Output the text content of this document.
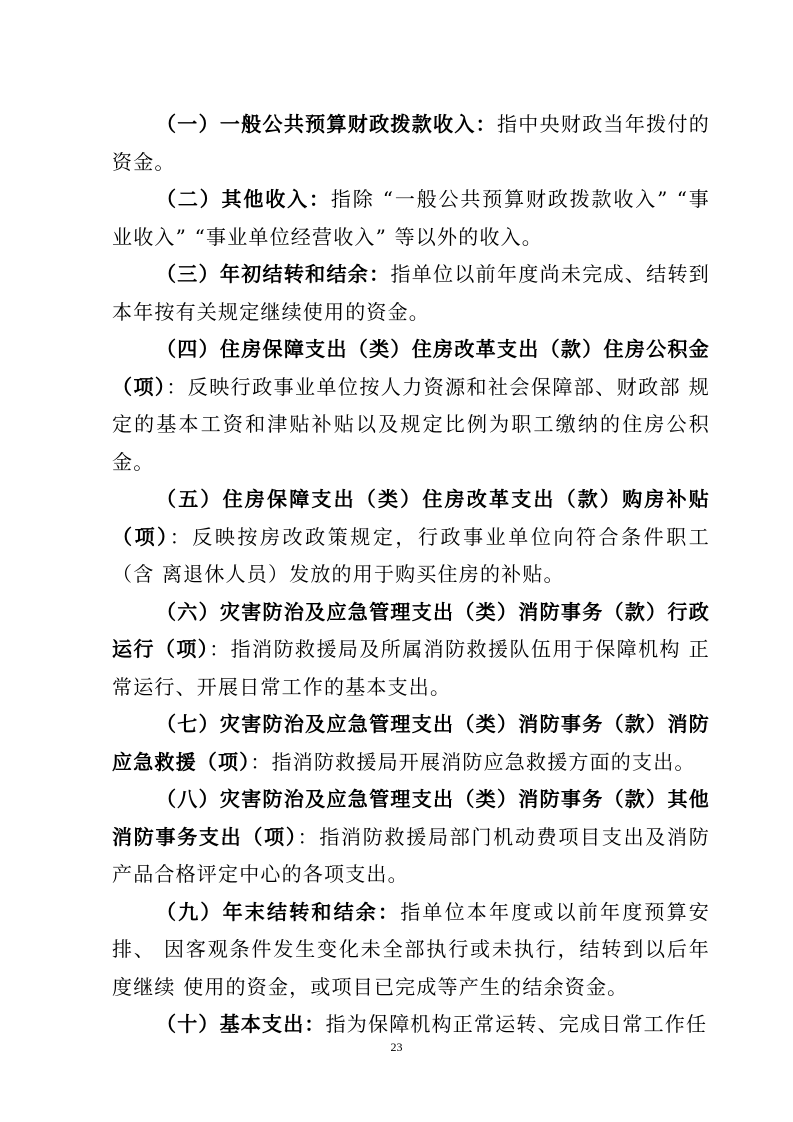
（一）一般公共预算财政拨款收入：指中央财政当年拨付的资金。

（二）其他收入：指除 “一般公共预算财政拨款收入” “事业收入” “事业单位经营收入” 等以外的收入。

（三）年初结转和结余：指单位以前年度尚未完成、结转到本年按有关规定继续使用的资金。

（四）住房保障支出（类）住房改革支出（款）住房公积金（项）：反映行政事业单位按人力资源和社会保障部、财政部 规定的基本工资和津贴补贴以及规定比例为职工缴纳的住房公积金。

（五）住房保障支出（类）住房改革支出（款）购房补贴（项）：反映按房改政策规定，行政事业单位向符合条件职工（含 离退休人员）发放的用于购买住房的补贴。

（六）灾害防治及应急管理支出（类）消防事务（款）行政运行（项）：指消防救援局及所属消防救援队伍用于保障机构 正常运行、开展日常工作的基本支出。

（七）灾害防治及应急管理支出（类）消防事务（款）消防应急救援（项）：指消防救援局开展消防应急救援方面的支出。

（八）灾害防治及应急管理支出（类）消防事务（款）其他消防事务支出（项）：指消防救援局部门机动费项目支出及消防产品合格评定中心的各项支出。

（九）年末结转和结余：指单位本年度或以前年度预算安排、 因客观条件发生变化未全部执行或未执行，结转到以后年度继续 使用的资金，或项目已完成等产生的结余资金。

（十）基本支出：指为保障机构正常运转、完成日常工作任

23
